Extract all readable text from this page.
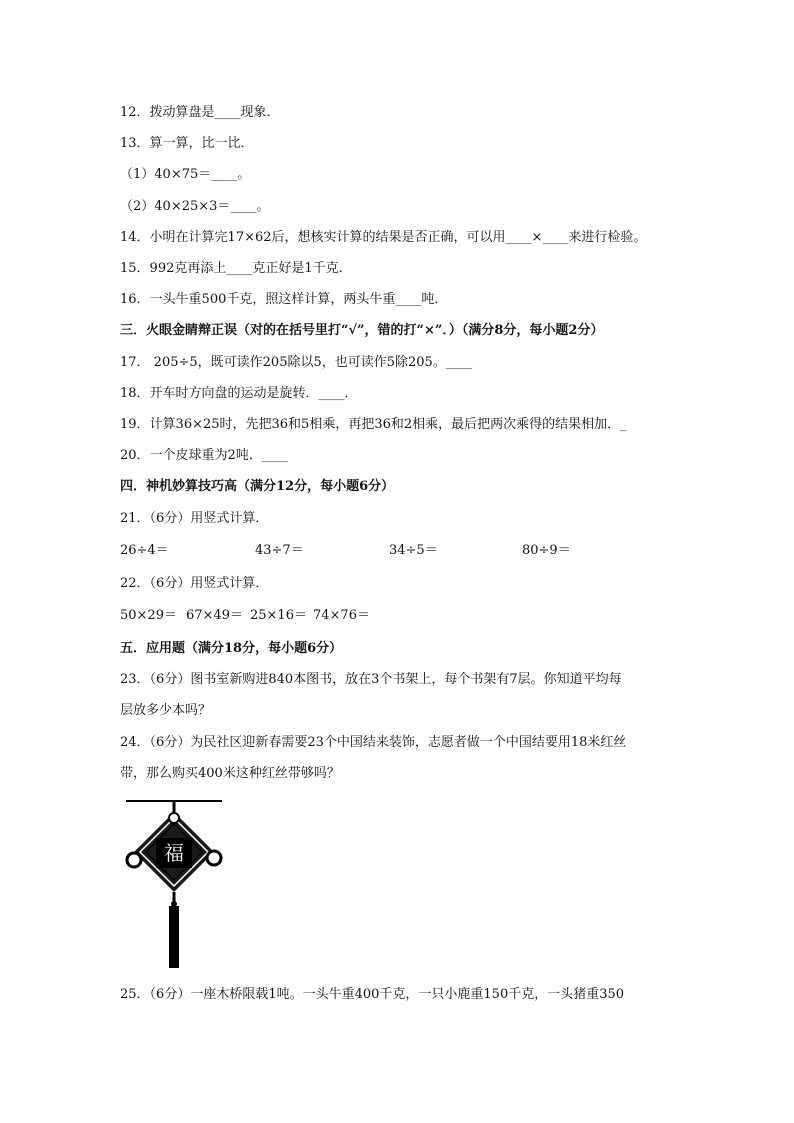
12．拨动算盘是____现象．
13．算一算，比一比．
（1）40×75＝____。
（2）40×25×3＝____。
14．小明在计算完17×62后，想核实计算的结果是否正确，可以用____×____来进行检验。
15．992克再添上____克正好是1千克．
16．一头牛重500千克，照这样计算，两头牛重____吨．
三．火眼金睛辩正误（对的在括号里打“√”，错的打“×”．）（满分8分，每小题2分）
17． 205÷5，既可读作205除以5，也可读作5除205。____
18．开车时方向盘的运动是旋转．____．
19．计算36×25时，先把36和5相乘，再把36和2相乘，最后把两次乘得的结果相加．_
20．一个皮球重为2吨．____
四．神机妙算技巧高（满分12分，每小题6分）
21．（6分）用竖式计算．
26÷4＝	43÷7＝	34÷5＝	80÷9＝
22．（6分）用竖式计算．
50×29＝ 67×49＝ 25×16＝ 74×76＝
五．应用题（满分18分，每小题6分）
23．（6分）图书室新购进840本图书，放在3个书架上，每个书架有7层。你知道平均每
层放多少本吗？
24．（6分）为民社区迎新春需要23个中国结来装饰，志愿者做一个中国结要用18米红丝
带，那么购买400米这种红丝带够吗？
福
25．（6分）一座木桥限载1吨。一头牛重400千克，一只小鹿重150千克，一头猪重350
